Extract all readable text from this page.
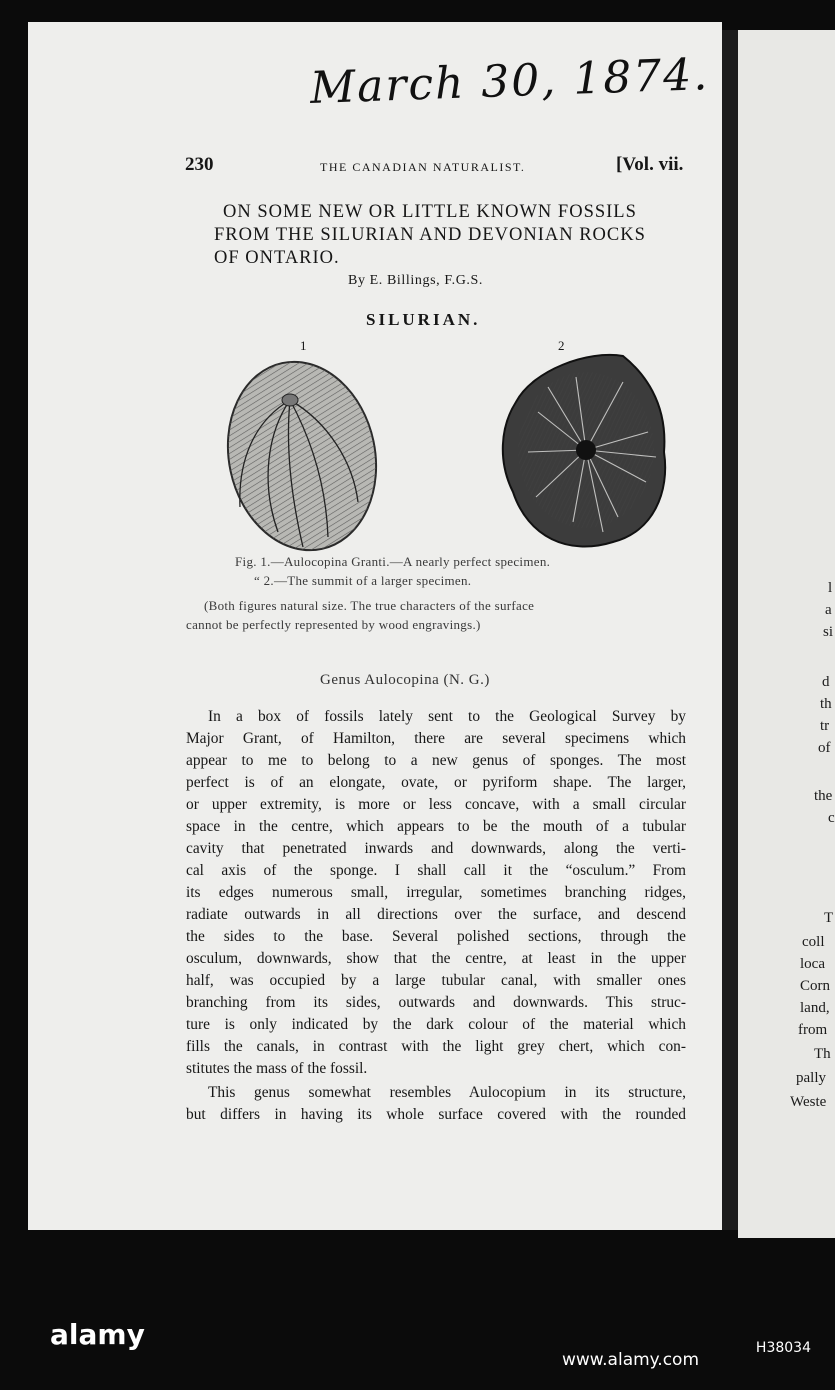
March 30, 1874.
230	THE CANADIAN NATURALIST.	[Vol. vii.
ON SOME NEW OR LITTLE KNOWN FOSSILS
FROM THE SILURIAN AND DEVONIAN ROCKS
OF ONTARIO.
By E. Billings, F.G.S.
SILURIAN.
1	2
Fig. 1.—Aulocopina Granti.—A nearly perfect specimen.
“ 2.—The summit of a larger specimen.
(Both figures natural size. The true characters of the surface
cannot be perfectly represented by wood engravings.)
Genus Aulocopina (N. G.)
In a box of fossils lately sent to the Geological Survey by
Major Grant, of Hamilton, there are several specimens which
appear to me to belong to a new genus of sponges. The most
perfect is of an elongate, ovate, or pyriform shape. The larger,
or upper extremity, is more or less concave, with a small circular
space in the centre, which appears to be the mouth of a tubular
cavity that penetrated inwards and downwards, along the verti-
cal axis of the sponge. I shall call it the “osculum.” From
its edges numerous small, irregular, sometimes branching ridges,
radiate outwards in all directions over the surface, and descend
the sides to the base. Several polished sections, through the
osculum, downwards, show that the centre, at least in the upper
half, was occupied by a large tubular canal, with smaller ones
branching from its sides, outwards and downwards. This struc-
ture is only indicated by the dark colour of the material which
fills the canals, in contrast with the light grey chert, which con-
stitutes the mass of the fossil.
This genus somewhat resembles Aulocopium in its structure,
but differs in having its whole surface covered with the rounded
l
a
si
d
th
tr
of
the
c
T
coll
loca
Corn
land,
from
Th
pally
Weste
alamy	H38034
www.alamy.com
